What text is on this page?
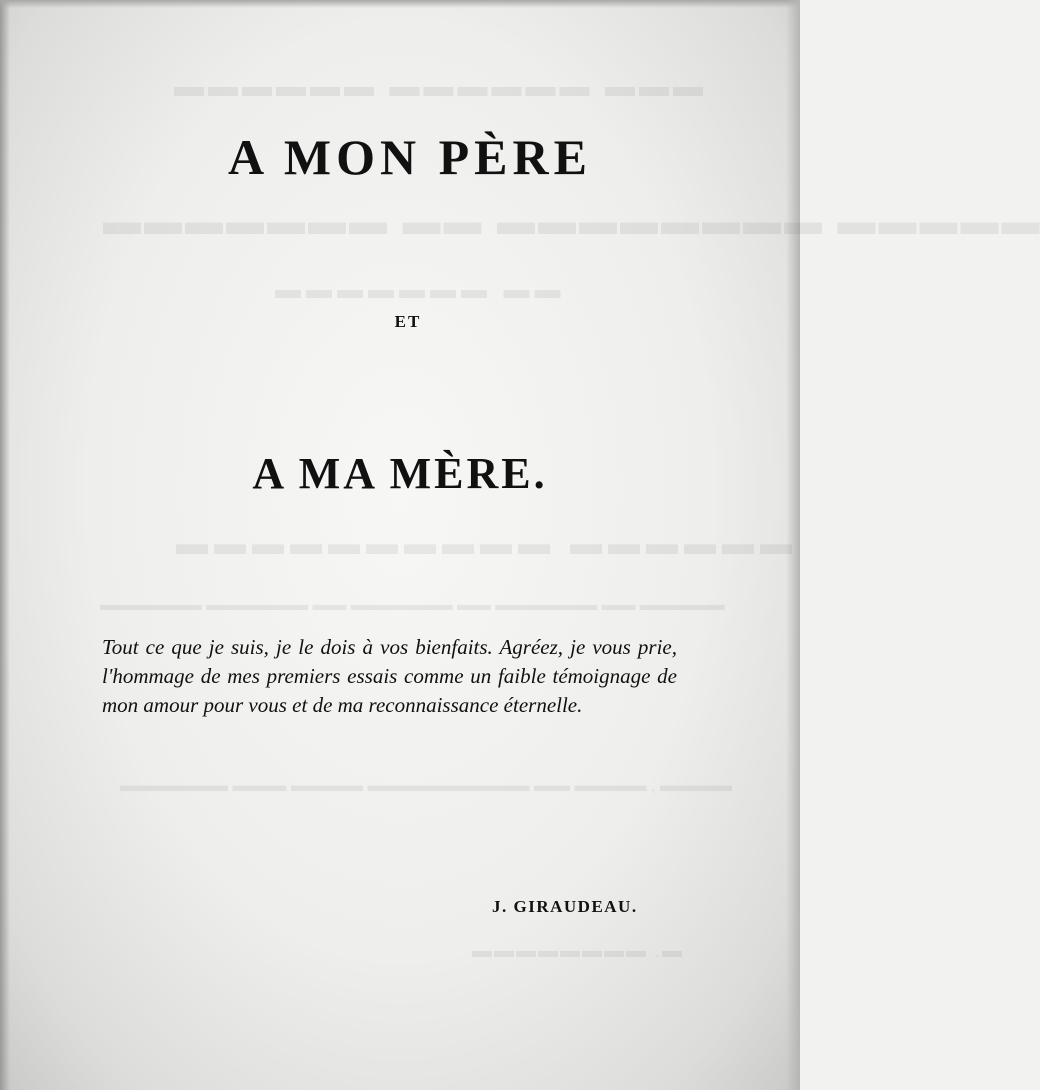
▬▬▬ ▬▬▬▬▬▬ ▬▬▬▬▬▬
▬▬▬▬▬ ▬▬▬▬▬▬▬▬ ▬▬ ▬▬▬▬▬▬▬
▬▬ ▬▬▬▬▬▬▬
▬▬▬▬▬▬ ▬▬▬▬▬▬▬▬▬▬
▬▬▬▬▬ ▬▬ ▬▬▬▬▬▬ ▬▬ ▬▬▬▬▬▬ ▬▬ ▬▬▬▬▬▬ ▬▬▬▬▬▬
▬▬▬▬ , ▬▬▬▬ ▬▬ ▬▬▬▬▬▬▬▬▬ ▬▬▬▬ ▬▬▬ ▬▬▬▬▬▬
▬. ▬▬▬▬▬▬▬▬
A MON PÈRE

ET

A MA MÈRE.

Tout ce que je suis, je le dois à vos bienfaits. Agréez, je vous prie, l'hommage de mes premiers essais comme un faible témoignage de mon amour pour vous et de ma reconnaissance éternelle.

J. GIRAUDEAU.
